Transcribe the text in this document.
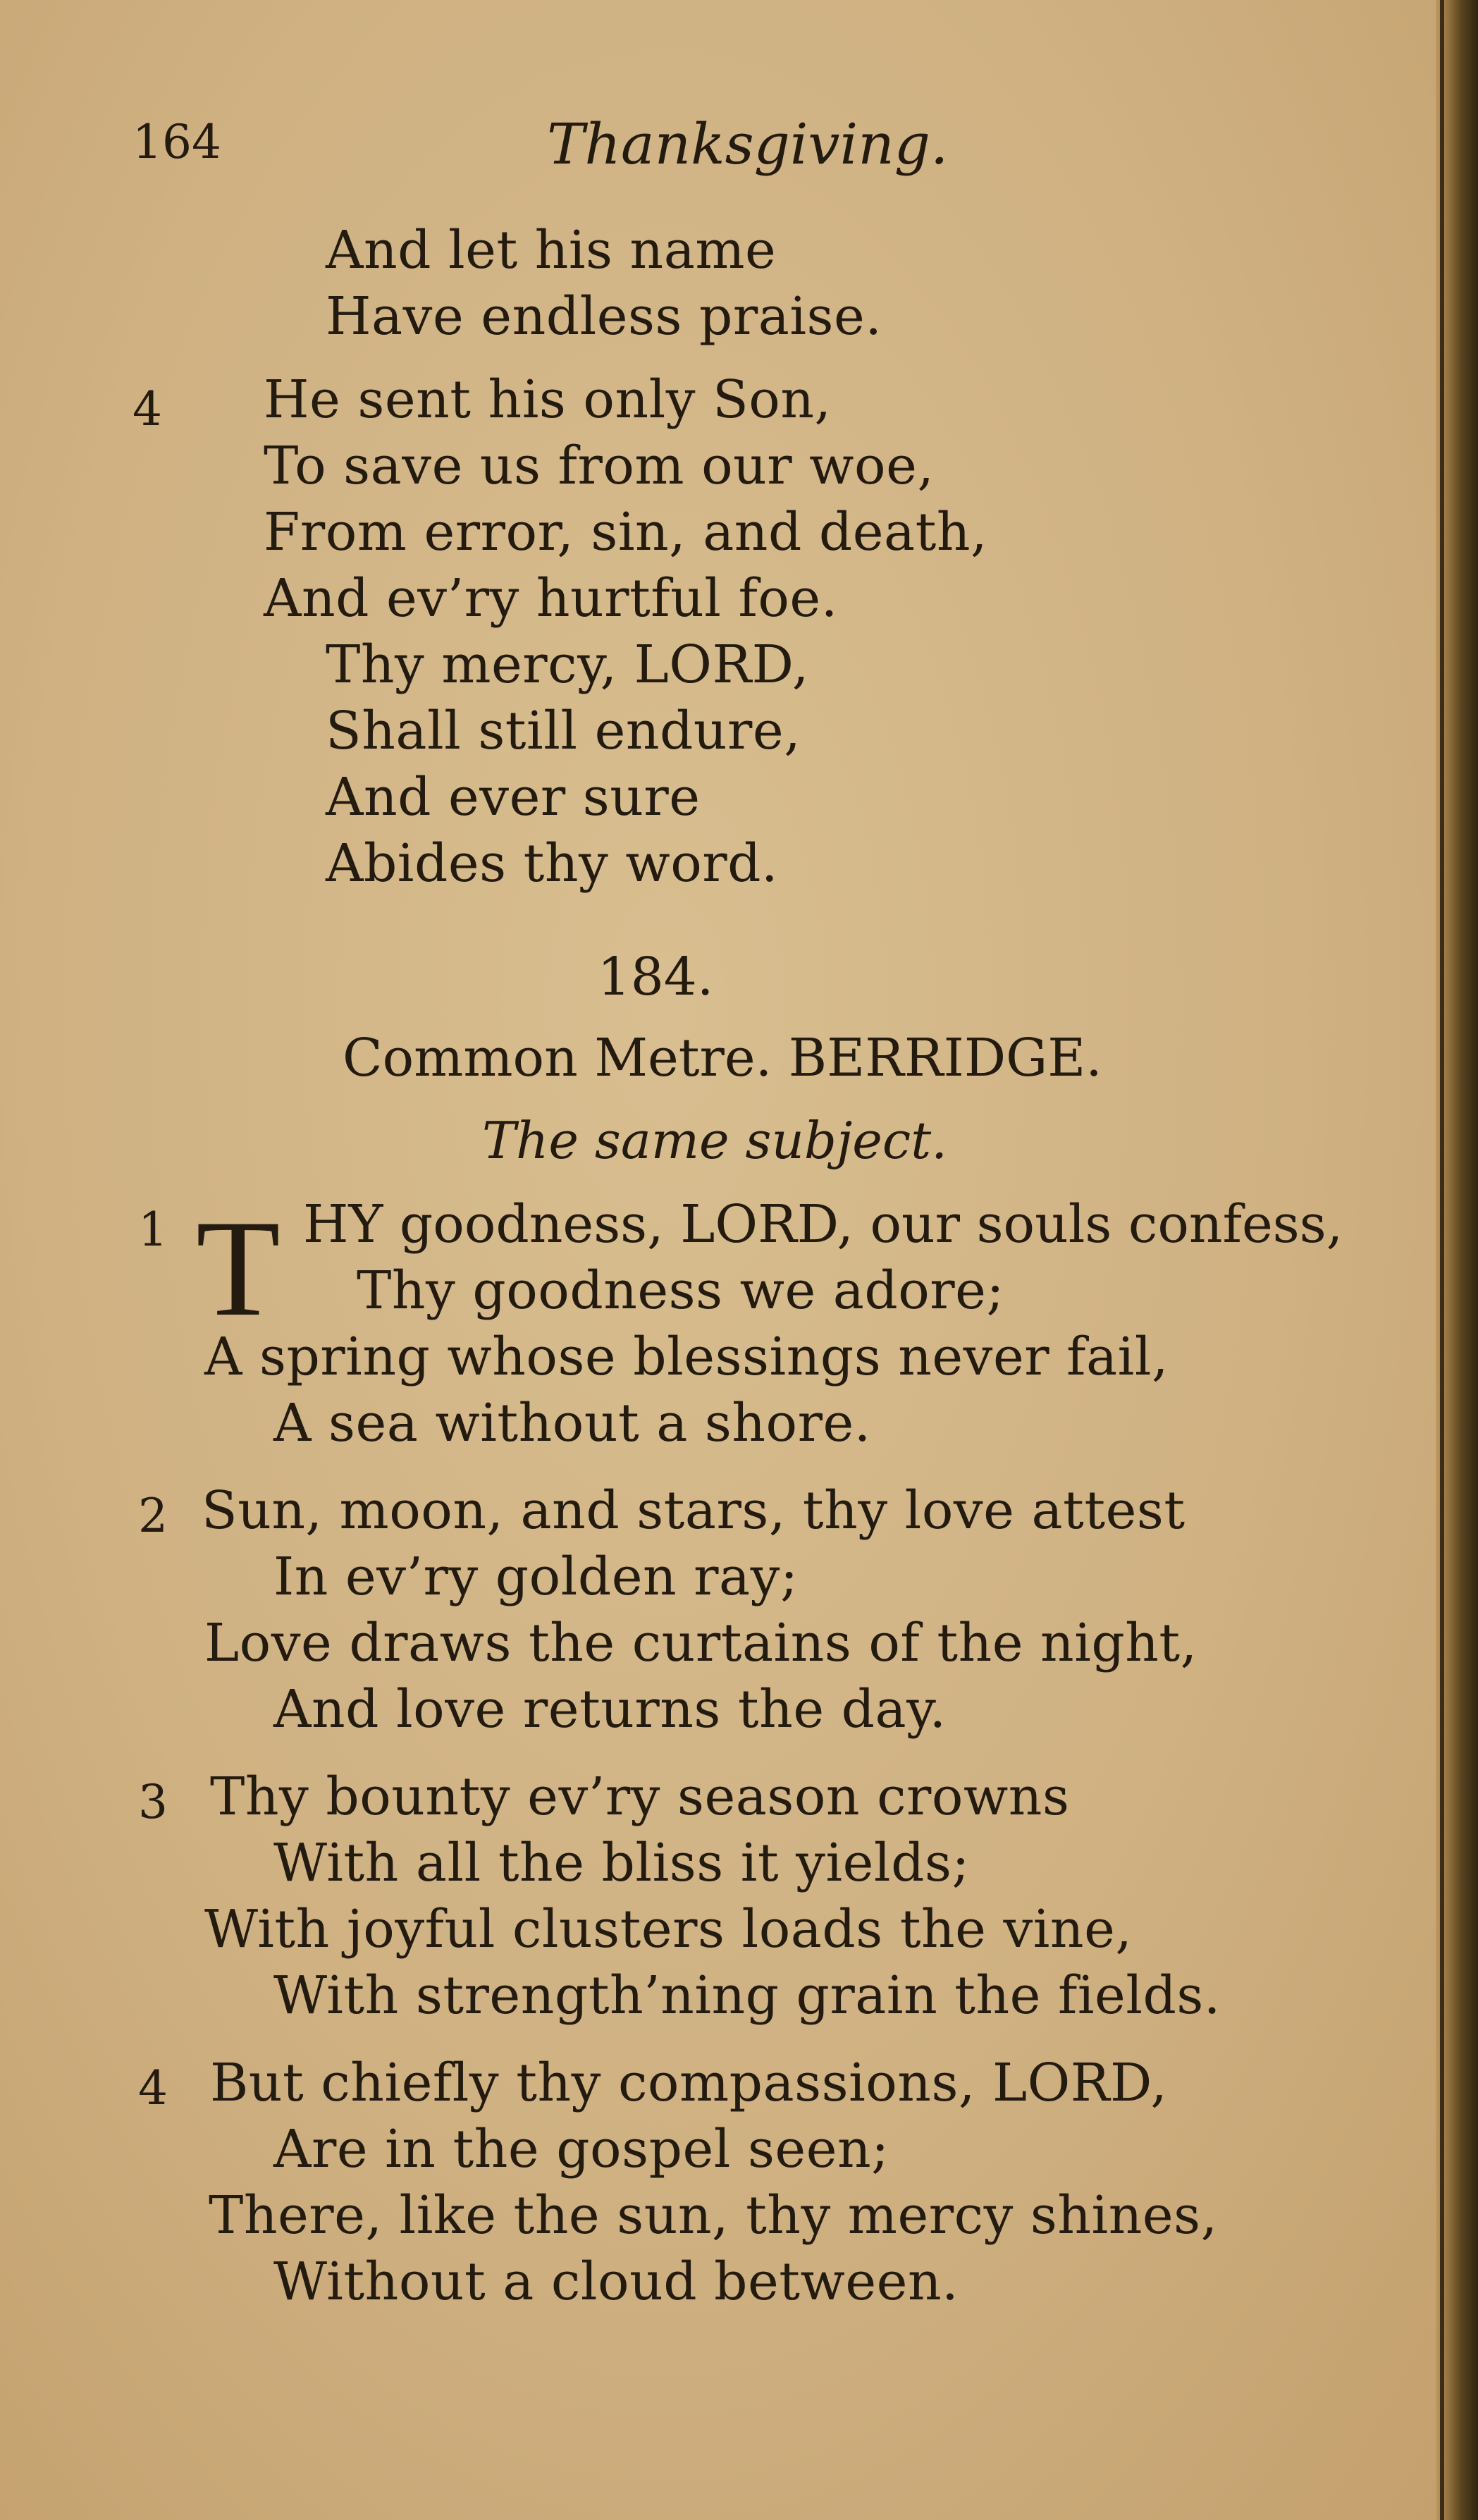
164	Thanksgiving.
And let his name
Have endless praise.
4 He sent his only Son,
To save us from our woe,
From error, sin, and death,
And ev’ry hurtful foe.
Thy mercy, LORD,
Shall still endure,
And ever sure
Abides thy word.
184.
Common Metre. BERRIDGE.
The same subject.
1 T HY goodness, LORD, our souls confess,
Thy goodness we adore;
A spring whose blessings never fail,
A sea without a shore.
2 Sun, moon, and stars, thy love attest
In ev’ry golden ray;
Love draws the curtains of the night,
And love returns the day.
3 Thy bounty ev’ry season crowns
With all the bliss it yields;
With joyful clusters loads the vine,
With strength’ning grain the fields.
4 But chiefly thy compassions, LORD,
Are in the gospel seen;
There, like the sun, thy mercy shines,
Without a cloud between.
